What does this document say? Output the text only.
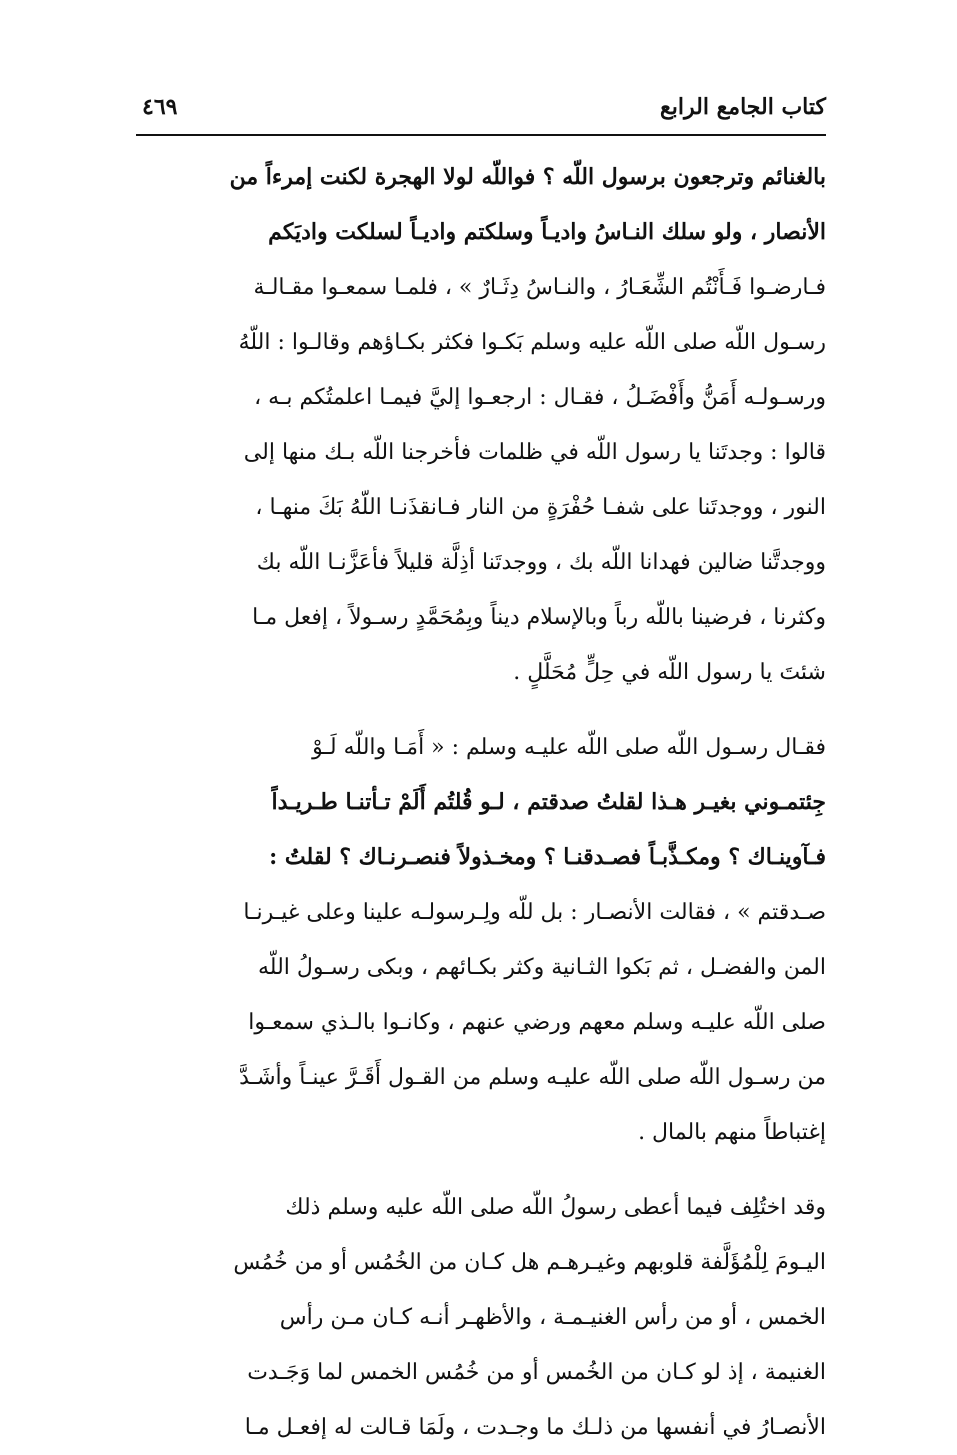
كتاب الجامع الرابع
٤٦٩
بالغنائم وترجعون برسول اللّه ؟ فواللّه لولا الهجرة لكنت إمرءاً من
الأنصار ، ولو سلك النـاسُ واديـاً وسلكتم واديـاً لسلكت واديَكم
فـارضـوا فَـأَنْتُم الشِّعَـارُ ، والنـاسُ دِثَـارٌ » ، فلمـا سمعـوا مقـالـة
رسـول اللّه صلى اللّه عليه وسلم بَكـوا فكثر بكـاؤهم وقالـوا : اللّهُ
ورسـولـه أَمَنُّ وأَفْضَـلُ ، فقـال : ارجعـوا إليَّ فيمـا اعلمتُكم بـه ،
قالوا : وجدتَنا يا رسول اللّه في ظلمات فأخرجنا اللّه بـك منها إلى
النور ، ووجدتَنا على شفـا حُفْرَةٍ من النار فـانقذَنـا اللّهُ بَكَ منهـا ،
ووجدتَّنا ضالين فهدانا اللّه بك ، ووجدتَنا أذِلَّة قليلاً فأعَزَّنـا اللّه بك
وكثرنا ، فرضينا باللّه رباً وبالإسلام ديناً وبِمُحَمَّدٍ رسـولاً ، إفعل مـا
شئتَ يا رسول اللّه في حِلٍّ مُحَلَّلٍ .
فقـال رسـول اللّه صلى اللّه عليـه وسلم : « أَمَـا واللّه لَـوْ
جِئتمـوني بغيـر هـذا لقلتُ صدقتم ، لـو قُلتُم أَلَمْ تـأتنـا طـريـداً
فـآوينـاك ؟ ومكـذَّبـاً فصـدقنـا ؟ ومخـذولاً فنصـرنـاك ؟ لقلتُ :
صـدقتم » ، فقالت الأنصـار : بل للّه ولِـرسولـه علينا وعلى غيـرنـا
المن والفضـل ، ثم بَكوا الثـانية وكثر بكـائهم ، وبكى رسـولُ اللّه
صلى اللّه عليـه وسلم معهم ورضي عنهم ، وكانـوا بالـذي سمعـوا
من رسـول اللّه صلى اللّه عليـه وسلم من القـول أَقَـرَّ عينـاً وأشَـدَّ
إغتباطاً منهم بالمال .
وقد اختُلِف فيما أعطى رسولُ اللّه صلى اللّه عليه وسلم ذلك
اليـومَ لِلْمُؤَلَّفة قلوبهم وغيـرهـم هل كـان من الخُمُس أو من خُمُس
الخمس ، أو من رأس الغنيـمـة ، والأظهـر أنـه كـان مـن رأس
الغنيمة ، إذ لو كـان من الخُمس أو من خُمُس الخمس لما وَجَـدت
الأنصـارُ في أنفسها من ذلـك ما وجـدت ، ولَمَا قـالت له إفعـل مـا
